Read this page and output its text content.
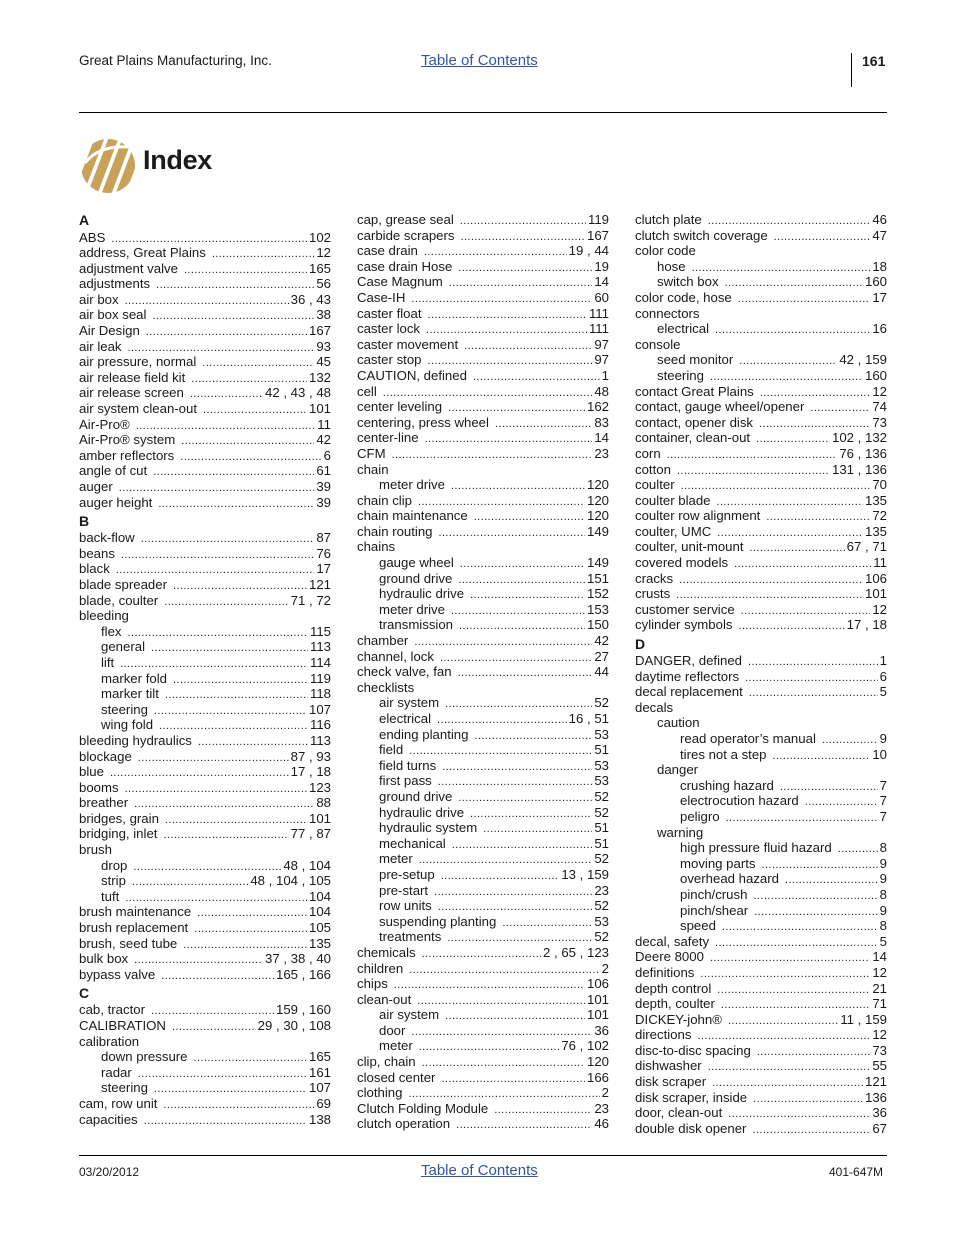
Great Plains Manufacturing, Inc.	Table of Contents	161
Index
A
ABS .....	102
address, Great Plains .....	12
adjustment valve .....	165
adjustments .....	56
air box .....	36 , 43
air box seal .....	38
Air Design .....	167
air leak .....	93
air pressure, normal .....	45
air release field kit .....	132
air release screen .....	42 , 43 , 48
air system clean-out .....	101
Air-Pro® .....	11
Air-Pro® system .....	42
amber reflectors .....	6
angle of cut .....	61
auger .....	39
auger height .....	39
B
back-flow .....	87
beans .....	76
black .....	17
blade spreader .....	121
blade, coulter .....	71 , 72
bleeding
flex .....	115
general .....	113
lift .....	114
marker fold .....	119
marker tilt .....	118
steering .....	107
wing fold .....	116
bleeding hydraulics .....	113
blockage .....	87 , 93
blue .....	17 , 18
booms .....	123
breather .....	88
bridges, grain .....	101
bridging, inlet .....	77 , 87
brush
drop .....	48 , 104
strip .....	48 , 104 , 105
tuft .....	104
brush maintenance .....	104
brush replacement .....	105
brush, seed tube .....	135
bulk box .....	37 , 38 , 40
bypass valve .....	165 , 166
C
cab, tractor .....	159 , 160
CALIBRATION .....	29 , 30 , 108
calibration
down pressure .....	165
radar .....	161
steering .....	107
cam, row unit .....	69
capacities .....	138
cap, grease seal .....	119
carbide scrapers .....	167
case drain .....	19 , 44
case drain Hose .....	19
Case Magnum .....	14
Case-IH .....	60
caster float .....	111
caster lock .....	111
caster movement .....	97
caster stop .....	97
CAUTION, defined .....	1
cell .....	48
center leveling .....	162
centering, press wheel .....	83
center-line .....	14
CFM .....	23
chain
meter drive .....	120
chain clip .....	120
chain maintenance .....	120
chain routing .....	149
chains
gauge wheel .....	149
ground drive .....	151
hydraulic drive .....	152
meter drive .....	153
transmission .....	150
chamber .....	42
channel, lock .....	27
check valve, fan .....	44
checklists
air system .....	52
electrical .....	16 , 51
ending planting .....	53
field .....	51
field turns .....	53
first pass .....	53
ground drive .....	52
hydraulic drive .....	52
hydraulic system .....	51
mechanical .....	51
meter .....	52
pre-setup .....	13 , 159
pre-start .....	23
row units .....	52
suspending planting .....	53
treatments .....	52
chemicals .....	2 , 65 , 123
children .....	2
chips .....	106
clean-out .....	101
air system .....	101
door .....	36
meter .....	76 , 102
clip, chain .....	120
closed center .....	166
clothing .....	2
Clutch Folding Module .....	23
clutch operation .....	46
clutch plate .....	46
clutch switch coverage .....	47
color code
hose .....	18
switch box .....	160
color code, hose .....	17
connectors
electrical .....	16
console
seed monitor .....	42 , 159
steering .....	160
contact Great Plains .....	12
contact, gauge wheel/opener .....	74
contact, opener disk .....	73
container, clean-out .....	102 , 132
corn .....	76 , 136
cotton .....	131 , 136
coulter .....	70
coulter blade .....	135
coulter row alignment .....	72
coulter, UMC .....	135
coulter, unit-mount .....	67 , 71
covered models .....	11
cracks .....	106
crusts .....	101
customer service .....	12
cylinder symbols .....	17 , 18
D
DANGER, defined .....	1
daytime reflectors .....	6
decal replacement .....	5
decals
caution
read operator’s manual .....	9
tires not a step .....	10
danger
crushing hazard .....	7
electrocution hazard .....	7
peligro .....	7
warning
high pressure fluid hazard .....	8
moving parts .....	9
overhead hazard .....	9
pinch/crush .....	8
pinch/shear .....	9
speed .....	8
decal, safety .....	5
Deere 8000 .....	14
definitions .....	12
depth control .....	21
depth, coulter .....	71
DICKEY-john® .....	11 , 159
directions .....	12
disc-to-disc spacing .....	73
dishwasher .....	55
disk scraper .....	121
disk scraper, inside .....	136
door, clean-out .....	36
double disk opener .....	67
03/20/2012	Table of Contents	401-647M
